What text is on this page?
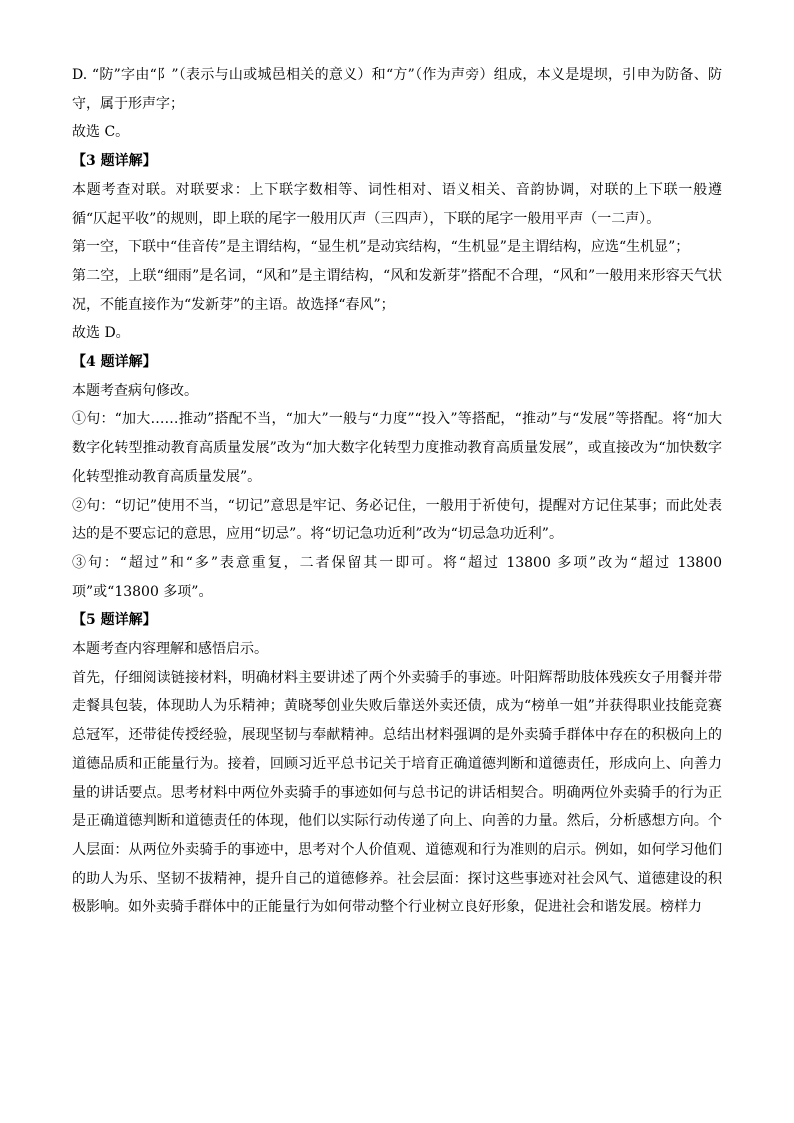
D. “防”字由“阝”（表示与山或城邑相关的意义）和“方”（作为声旁）组成，本义是堤坝，引申为防备、防守，属于形声字；

故选 C。

【3 题详解】

本题考查对联。对联要求：上下联字数相等、词性相对、语义相关、音韵协调，对联的上下联一般遵循“仄起平收”的规则，即上联的尾字一般用仄声（三四声），下联的尾字一般用平声（一二声）。

第一空，下联中“佳音传”是主谓结构，“显生机”是动宾结构，“生机显”是主谓结构，应选“生机显”；

第二空，上联“细雨”是名词，“风和”是主谓结构，“风和发新芽”搭配不合理，“风和”一般用来形容天气状况，不能直接作为“发新芽”的主语。故选择“春风”；

故选 D。

【4 题详解】

本题考查病句修改。

①句：“加大……推动”搭配不当，“加大”一般与“力度”“投入”等搭配，“推动”与“发展”等搭配。将“加大数字化转型推动教育高质量发展”改为“加大数字化转型力度推动教育高质量发展”，或直接改为“加快数字化转型推动教育高质量发展”。

②句：“切记”使用不当，“切记”意思是牢记、务必记住，一般用于祈使句，提醒对方记住某事；而此处表达的是不要忘记的意思，应用“切忌”。将“切记急功近利”改为“切忌急功近利”。

③句：“超过”和“多”表意重复，二者保留其一即可。将“超过 13800 多项”改为“超过 13800 项”或“13800 多项”。

【5 题详解】

本题考查内容理解和感悟启示。

首先，仔细阅读链接材料，明确材料主要讲述了两个外卖骑手的事迹。叶阳辉帮助肢体残疾女子用餐并带走餐具包装，体现助人为乐精神；黄晓琴创业失败后靠送外卖还债，成为“榜单一姐”并获得职业技能竞赛总冠军，还带徒传授经验，展现坚韧与奉献精神。总结出材料强调的是外卖骑手群体中存在的积极向上的道德品质和正能量行为。接着，回顾习近平总书记关于培育正确道德判断和道德责任，形成向上、向善力量的讲话要点。思考材料中两位外卖骑手的事迹如何与总书记的讲话相契合。明确两位外卖骑手的行为正是正确道德判断和道德责任的体现，他们以实际行动传递了向上、向善的力量。然后，分析感想方向。个人层面：从两位外卖骑手的事迹中，思考对个人价值观、道德观和行为准则的启示。例如，如何学习他们的助人为乐、坚韧不拔精神，提升自己的道德修养。社会层面：探讨这些事迹对社会风气、道德建设的积极影响。如外卖骑手群体中的正能量行为如何带动整个行业树立良好形象，促进社会和谐发展。榜样力
